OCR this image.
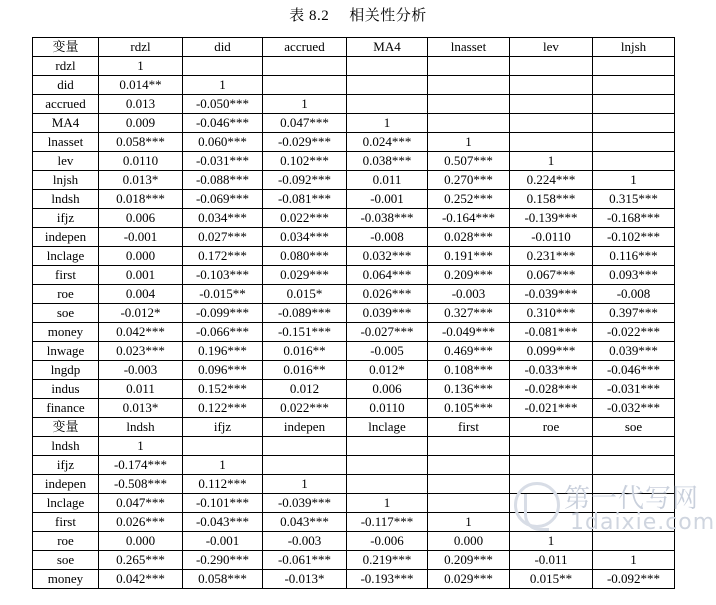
表 8.2 相关性分析
变量	rdzl	did	accrued	MA4	lnasset	lev	lnjsh
rdzl	1						
did	0.014**	1					
accrued	0.013	-0.050***	1				
MA4	0.009	-0.046***	0.047***	1			
lnasset	0.058***	0.060***	-0.029***	0.024***	1		
lev	0.0110	-0.031***	0.102***	0.038***	0.507***	1	
lnjsh	0.013*	-0.088***	-0.092***	0.011	0.270***	0.224***	1
lndsh	0.018***	-0.069***	-0.081***	-0.001	0.252***	0.158***	0.315***
ifjz	0.006	0.034***	0.022***	-0.038***	-0.164***	-0.139***	-0.168***
indepen	-0.001	0.027***	0.034***	-0.008	0.028***	-0.0110	-0.102***
lnclage	0.000	0.172***	0.080***	0.032***	0.191***	0.231***	0.116***
first	0.001	-0.103***	0.029***	0.064***	0.209***	0.067***	0.093***
roe	0.004	-0.015**	0.015*	0.026***	-0.003	-0.039***	-0.008
soe	-0.012*	-0.099***	-0.089***	0.039***	0.327***	0.310***	0.397***
money	0.042***	-0.066***	-0.151***	-0.027***	-0.049***	-0.081***	-0.022***
lnwage	0.023***	0.196***	0.016**	-0.005	0.469***	0.099***	0.039***
lngdp	-0.003	0.096***	0.016**	0.012*	0.108***	-0.033***	-0.046***
indus	0.011	0.152***	0.012	0.006	0.136***	-0.028***	-0.031***
finance	0.013*	0.122***	0.022***	0.0110	0.105***	-0.021***	-0.032***
变量	lndsh	ifjz	indepen	lnclage	first	roe	soe
lndsh	1						
ifjz	-0.174***	1					
indepen	-0.508***	0.112***	1				
lnclage	0.047***	-0.101***	-0.039***	1			
first	0.026***	-0.043***	0.043***	-0.117***	1		
roe	0.000	-0.001	-0.003	-0.006	0.000	1	
soe	0.265***	-0.290***	-0.061***	0.219***	0.209***	-0.011	1
money	0.042***	0.058***	-0.013*	-0.193***	0.029***	0.015**	-0.092***
第一代写网
1daixie.com
